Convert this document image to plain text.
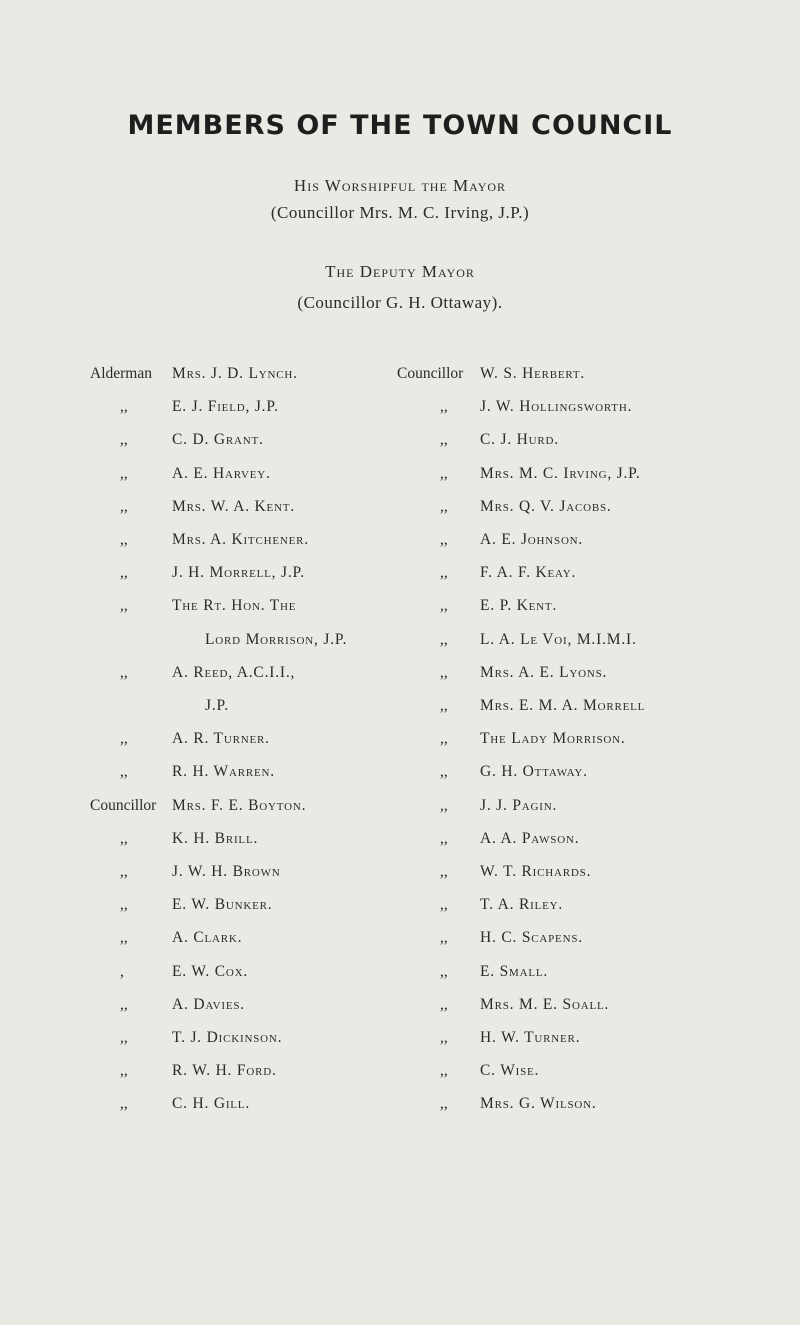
MEMBERS OF THE TOWN COUNCIL
His Worshipful the Mayor
(Councillor Mrs. M. C. Irving, J.P.)
The Deputy Mayor
(Councillor G. H. Ottaway).
Alderman Mrs. J. D. Lynch.
,,	E. J. Field, J.P.
,,	C. D. Grant.
,,	A. E. Harvey.
,,	Mrs. W. A. Kent.
,,	Mrs. A. Kitchener.
,,	J. H. Morrell, J.P.
,,	The Rt. Hon. The
Lord Morrison, J.P.
,,	A. Reed, A.C.I.I.,
J.P.
,,	A. R. Turner.
,,	R. H. Warren.
Councillor Mrs. F. E. Boyton.
,,	K. H. Brill.
,,	J. W. H. Brown
,,	E. W. Bunker.
,,	A. Clark.
,	E. W. Cox.
,,	A. Davies.
,,	T. J. Dickinson.
,,	R. W. H. Ford.
,,	C. H. Gill.
Councillor W. S. Herbert.
,, J. W. Hollingsworth.
,, C. J. Hurd.
,, Mrs. M. C. Irving, J.P.
,, Mrs. Q. V. Jacobs.
,, A. E. Johnson.
,, F. A. F. Keay.
,, E. P. Kent.
,, L. A. Le Voi, M.I.M.I.
,, Mrs. A. E. Lyons.
,, Mrs. E. M. A. Morrell
,, The Lady Morrison.
,, G. H. Ottaway.
,, J. J. Pagin.
,, A. A. Pawson.
,, W. T. Richards.
,, T. A. Riley.
,, H. C. Scapens.
,, E. Small.
,, Mrs. M. E. Soall.
,, H. W. Turner.
,, C. Wise.
,, Mrs. G. Wilson.
